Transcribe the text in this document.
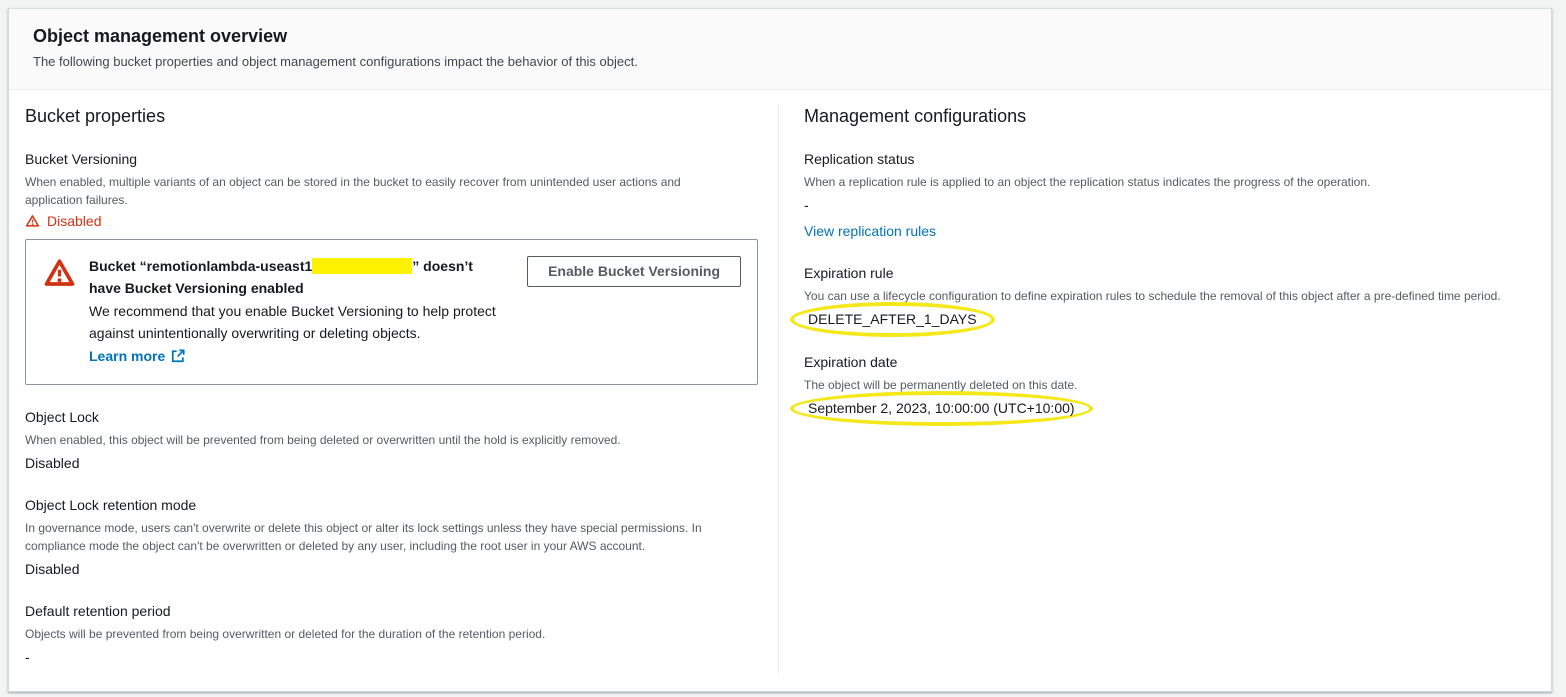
Object management overview
The following bucket properties and object management configurations impact the behavior of this object.
Bucket properties
Bucket Versioning
When enabled, multiple variants of an object can be stored in the bucket to easily recover from unintended user actions and application failures.
Disabled
Bucket “remotionlambda-useast1	” doesn’t have Bucket Versioning enabled
We recommend that you enable Bucket Versioning to help protect against unintentionally overwriting or deleting objects.
Learn more
Enable Bucket Versioning
Object Lock
When enabled, this object will be prevented from being deleted or overwritten until the hold is explicitly removed.
Disabled
Object Lock retention mode
In governance mode, users can't overwrite or delete this object or alter its lock settings unless they have special permissions. In compliance mode the object can't be overwritten or deleted by any user, including the root user in your AWS account.
Disabled
Default retention period
Objects will be prevented from being overwritten or deleted for the duration of the retention period.
-
Management configurations
Replication status
When a replication rule is applied to an object the replication status indicates the progress of the operation.
-
View replication rules
Expiration rule
You can use a lifecycle configuration to define expiration rules to schedule the removal of this object after a pre-defined time period.
DELETE_AFTER_1_DAYS
Expiration date
The object will be permanently deleted on this date.
September 2, 2023, 10:00:00 (UTC+10:00)
